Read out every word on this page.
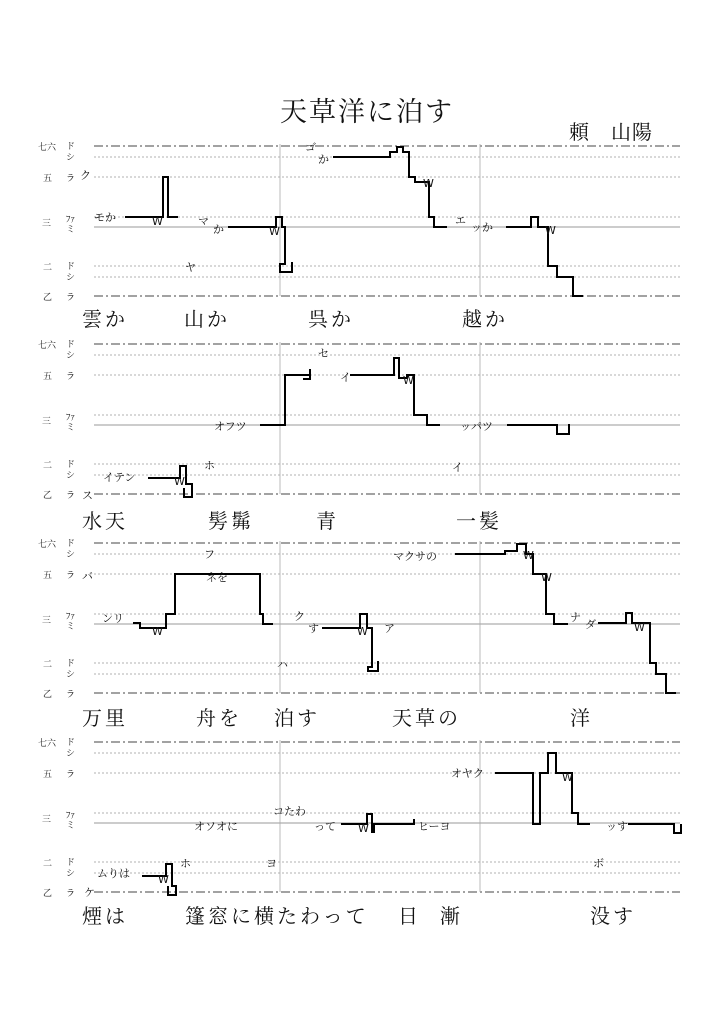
天草洋に泊す
頼　山陽
W
W
W
W
W
W
W	W
W
W
W
W
W
W
七六 ド
シ
五 ラ
三 ﾌｧ
ミ
二 ド
シ
乙 ラ
七六 ド
シ
五 ラ
三 ﾌｧ
ミ
二 ド
シ
乙 ラ
七六 ド
シ
五 ラ
三 ﾌｧ
ミ
二 ド
シ
乙 ラ
七六 ド
シ
五 ラ
三 ﾌｧ
ミ
二 ド
シ
乙 ラ
ク
モか	マ
か
ヤ
ゴ
か
エ
ッか
セ
イ
オフツ	ッパツ
イテン
ホ	イ
ス
フ
バ	ネを
マクサの
ンリ	ク
す	ア
ナ
ダ
ハ
オヤク
コたわ
オソオに	って	ヒーヨ	ッす
ムりは
ホ	ヨ	ボ
ケ
雲か	山か	呉か	越か
水天	髣髴	青	一髪
万里	舟を 泊す	天草の	洋
煙は	篷窓に横たわって 日 漸	没す
